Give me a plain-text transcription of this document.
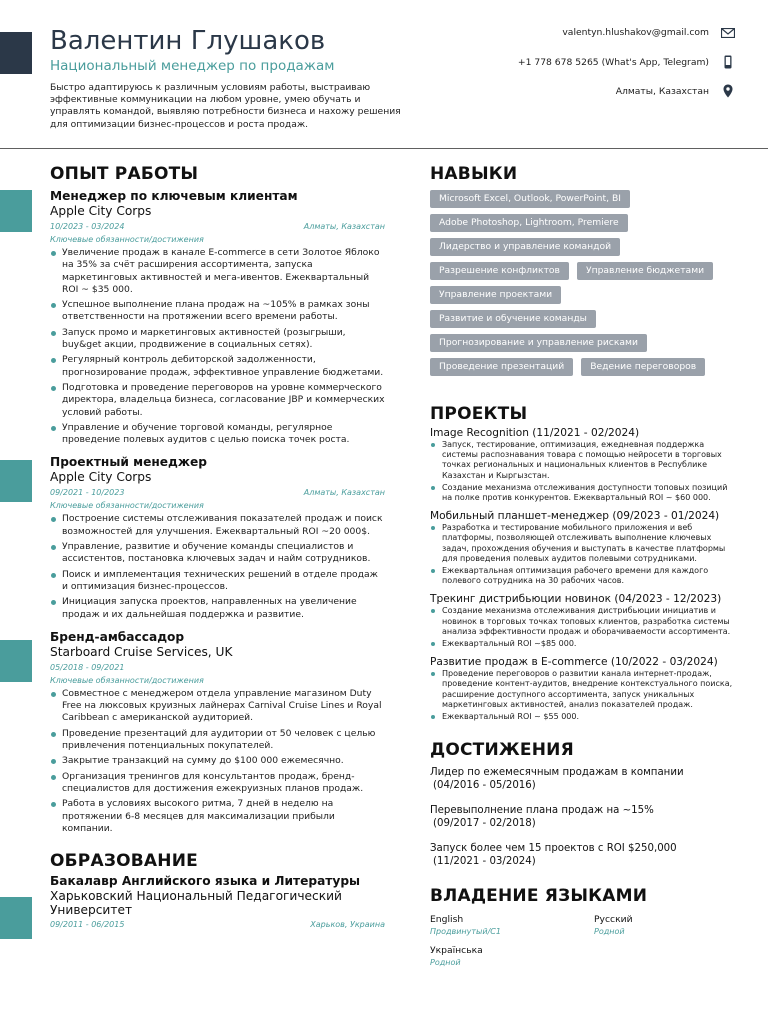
Валентин Глушаков
Национальный менеджер по продажам
Быстро адаптируюсь к различным условиям работы, выстраиваю эффективные коммуникации на любом уровне, умею обучать и управлять командой, выявляю потребности бизнеса и нахожу решения для оптимизации бизнес-процессов и роста продаж.
valentyn.hlushakov@gmail.com
+1 778 678 5265 (What's App, Telegram)
Алматы, Казахстан
ОПЫТ РАБОТЫ
Менеджер по ключевым клиентам
Apple City Corps
10/2023 - 03/2024	Алматы, Казахстан
Ключевые обязанности/достижения
Увеличение продаж в канале E-commerce в сети Золотое Яблоко на 35% за счёт расширения ассортимента, запуска маркетинговых активностей и мега-ивентов. Ежеквартальный ROI ~ $35 000.
Успешное выполнение плана продаж на ~105% в рамках зоны ответственности на протяжении всего времени работы.
Запуск промо и маркетинговых активностей (розыгрыши, buy&get акции, продвижение в социальных сетях).
Регулярный контроль дебиторской задолженности, прогнозирование продаж, эффективное управление бюджетами.
Подготовка и проведение переговоров на уровне коммерческого директора, владельца бизнеса, согласование JBP и коммерческих условий работы.
Управление и обучение торговой команды, регулярное проведение полевых аудитов с целью поиска точек роста.
Проектный менеджер
Apple City Corps
09/2021 - 10/2023	Алматы, Казахстан
Ключевые обязанности/достижения
Построение системы отслеживания показателей продаж и поиск возможностей для улучшения. Ежеквартальный ROI ~20 000$.
Управление, развитие и обучение команды специалистов и ассистентов, постановка ключевых задач и найм сотрудников.
Поиск и имплементация технических решений в отделе продаж и оптимизация бизнес-процессов.
Инициация запуска проектов, направленных на увеличение продаж и их дальнейшая поддержка и развитие.
Бренд-амбассадор
Starboard Cruise Services, UK
05/2018 - 09/2021
Ключевые обязанности/достижения
Совместное с менеджером отдела управление магазином Duty Free на люксовых круизных лайнерах Carnival Cruise Lines и Royal Caribbean с американской аудиторией.
Проведение презентаций для аудитории от 50 человек с целью привлечения потенциальных покупателей.
Закрытие транзакций на сумму до $100 000 ежемесячно.
Организация тренингов для консультантов продаж, бренд-специалистов для достижения ежекруизных планов продаж.
Работа в условиях высокого ритма, 7 дней в неделю на протяжении 6-8 месяцев для максимализации прибыли компании.
ОБРАЗОВАНИЕ
Бакалавр Английского языка и Литературы
Харьковский Национальный Педагогический Университет
09/2011 - 06/2015	Харьков, Украина
НАВЫКИ
Microsoft Excel, Outlook, PowerPoint, BI
Adobe Photoshop, Lightroom, Premiere
Лидерство и управление командой
Разрешение конфликтов	Управление бюджетами
Управление проектами
Развитие и обучение команды
Прогнозирование и управление рисками
Проведение презентаций	Ведение переговоров
ПРОЕКТЫ
Image Recognition (11/2021 - 02/2024)
Запуск, тестирование, оптимизация, ежедневная поддержка системы распознавания товара с помощью нейросети в торговых точках региональных и национальных клиентов в Республике Казахстан и Кыргызстан.
Создание механизма отслеживания доступности топовых позиций на полке против конкурентов. Ежеквартальный ROI ~ $60 000.
Мобильный планшет-менеджер (09/2023 - 01/2024)
Разработка и тестирование мобильного приложения и веб платформы, позволяющей отслеживать выполнение ключевых задач, прохождения обучения и выступать в качестве платформы для проведения полевых аудитов полевыми сотрудниками.
Ежеквартальная оптимизация рабочего времени для каждого полевого сотрудника на 30 рабочих часов.
Трекинг дистрибьюции новинок (04/2023 - 12/2023)
Создание механизма отслеживания дистрибьюции инициатив и новинок в торговых точках топовых клиентов, разработка системы анализа эффективности продаж и оборачиваемости ассортимента.
Ежеквартальный ROI ~$85 000.
Развитие продаж в E-commerce (10/2022 - 03/2024)
Проведение переговоров о развитии канала интернет-продаж, проведение контент-аудитов, внедрение контекстуального поиска, расширение доступного ассортимента, запуск уникальных маркетинговых активностей, анализ показателей продаж.
Ежеквартальный ROI ~ $55 000.
ДОСТИЖЕНИЯ
Лидер по ежемесячным продажам в компании
(04/2016 - 05/2016)
Перевыполнение плана продаж на ~15%
(09/2017 - 02/2018)
Запуск более чем 15 проектов с ROI $250,000
(11/2021 - 03/2024)
ВЛАДЕНИЕ ЯЗЫКАМИ
English
Продвинутый/С1
Русский
Родной
Українська
Родной
